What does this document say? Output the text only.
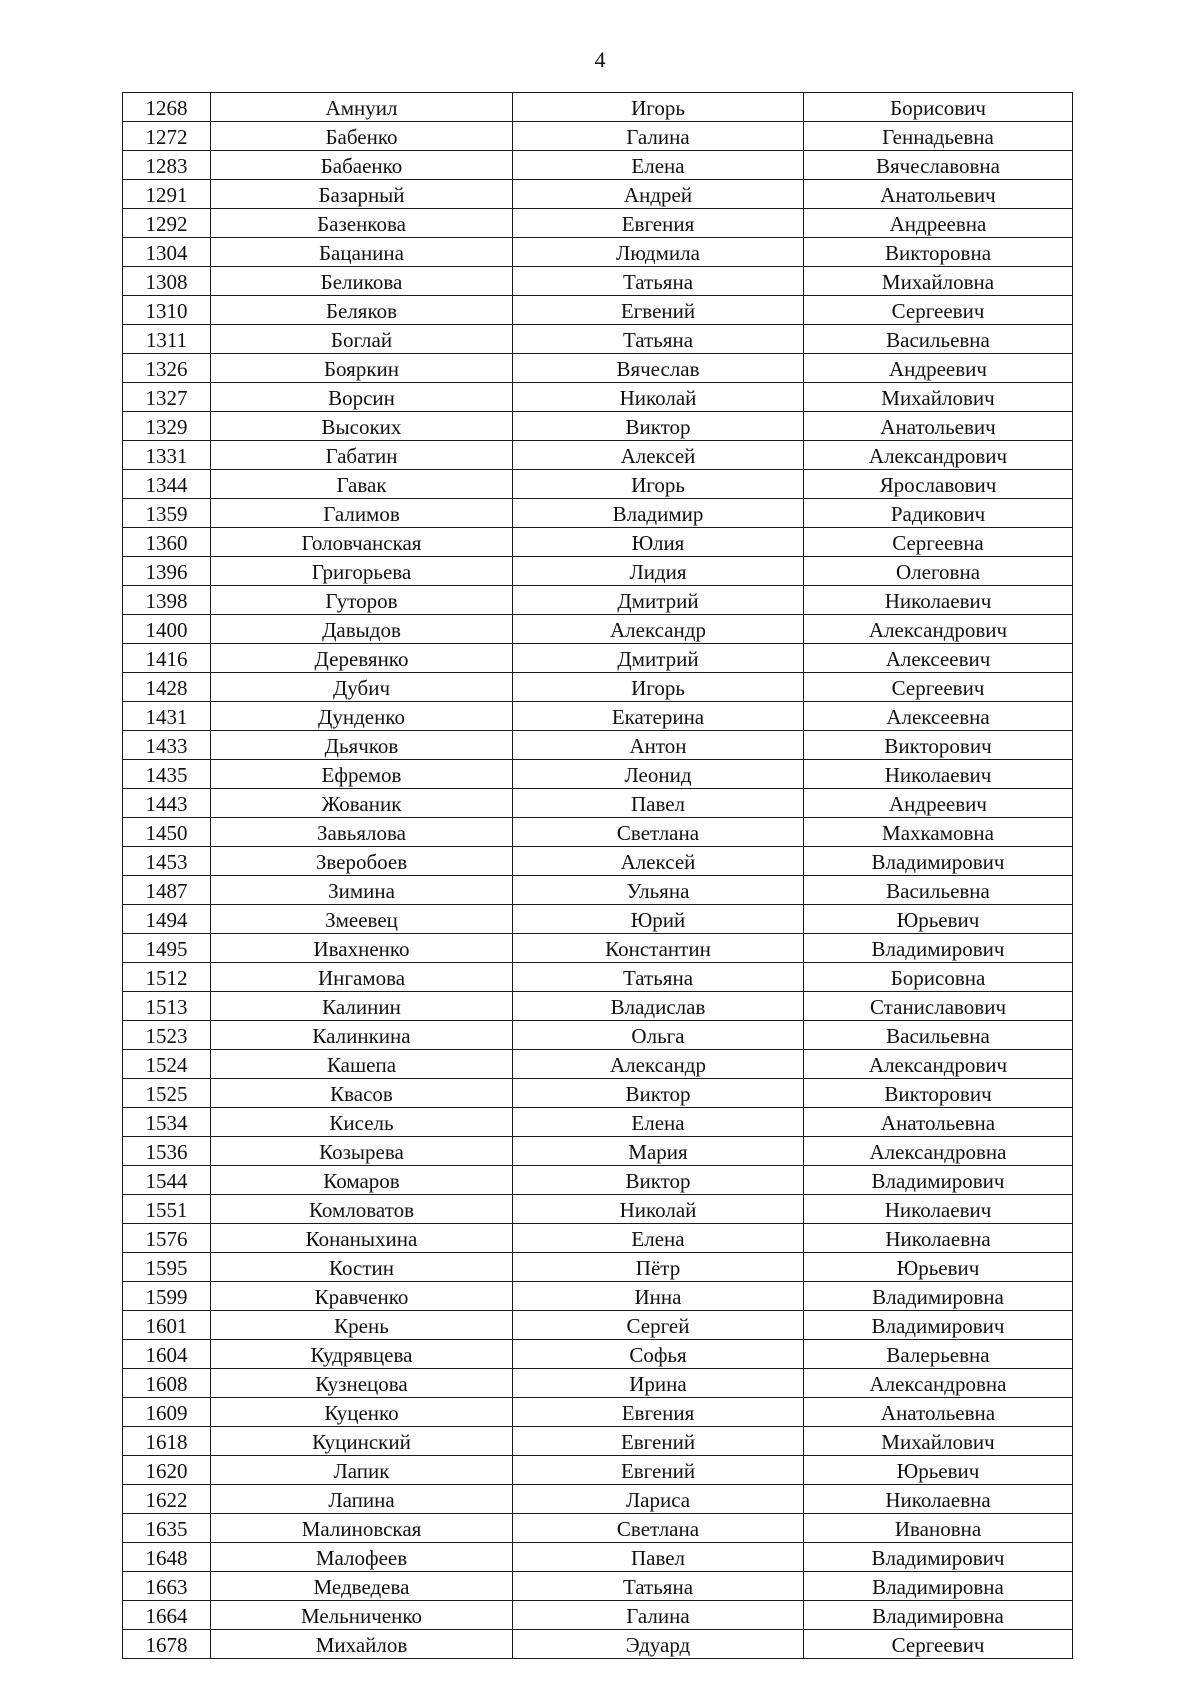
4
1268	Амнуил	Игорь	Борисович
1272	Бабенко	Галина	Геннадьевна
1283	Бабаенко	Елена	Вячеславовна
1291	Базарный	Андрей	Анатольевич
1292	Базенкова	Евгения	Андреевна
1304	Бацанина	Людмила	Викторовна
1308	Беликова	Татьяна	Михайловна
1310	Беляков	Егвений	Сергеевич
1311	Боглай	Татьяна	Васильевна
1326	Бояркин	Вячеслав	Андреевич
1327	Ворсин	Николай	Михайлович
1329	Высоких	Виктор	Анатольевич
1331	Габатин	Алексей	Александрович
1344	Гавак	Игорь	Ярославович
1359	Галимов	Владимир	Радикович
1360	Головчанская	Юлия	Сергеевна
1396	Григорьева	Лидия	Олеговна
1398	Гуторов	Дмитрий	Николаевич
1400	Давыдов	Александр	Александрович
1416	Деревянко	Дмитрий	Алексеевич
1428	Дубич	Игорь	Сергеевич
1431	Дунденко	Екатерина	Алексеевна
1433	Дьячков	Антон	Викторович
1435	Ефремов	Леонид	Николаевич
1443	Жованик	Павел	Андреевич
1450	Завьялова	Светлана	Махкамовна
1453	Зверобоев	Алексей	Владимирович
1487	Зимина	Ульяна	Васильевна
1494	Змеевец	Юрий	Юрьевич
1495	Ивахненко	Константин	Владимирович
1512	Ингамова	Татьяна	Борисовна
1513	Калинин	Владислав	Станиславович
1523	Калинкина	Ольга	Васильевна
1524	Кашепа	Александр	Александрович
1525	Квасов	Виктор	Викторович
1534	Кисель	Елена	Анатольевна
1536	Козырева	Мария	Александровна
1544	Комаров	Виктор	Владимирович
1551	Комловатов	Николай	Николаевич
1576	Конаныхина	Елена	Николаевна
1595	Костин	Пётр	Юрьевич
1599	Кравченко	Инна	Владимировна
1601	Крень	Сергей	Владимирович
1604	Кудрявцева	Софья	Валерьевна
1608	Кузнецова	Ирина	Александровна
1609	Куценко	Евгения	Анатольевна
1618	Куцинский	Евгений	Михайлович
1620	Лапик	Евгений	Юрьевич
1622	Лапина	Лариса	Николаевна
1635	Малиновская	Светлана	Ивановна
1648	Малофеев	Павел	Владимирович
1663	Медведева	Татьяна	Владимировна
1664	Мельниченко	Галина	Владимировна
1678	Михайлов	Эдуард	Сергеевич
